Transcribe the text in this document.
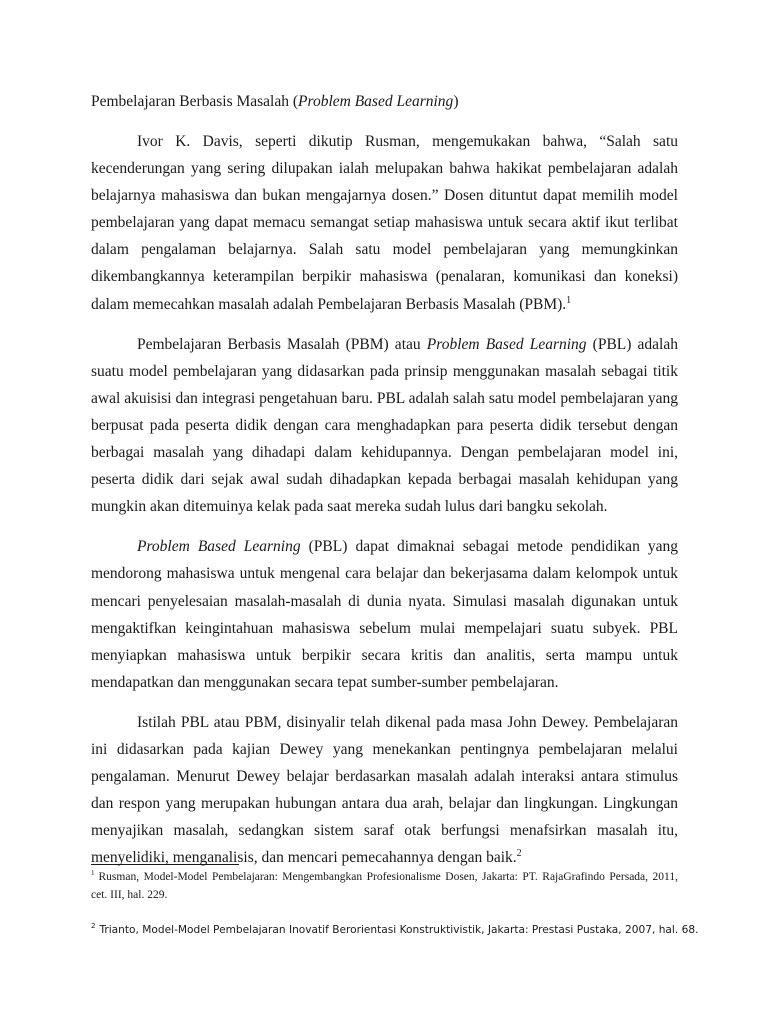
Pembelajaran Berbasis Masalah (Problem Based Learning)

Ivor K. Davis, seperti dikutip Rusman, mengemukakan bahwa, “Salah satu kecenderungan yang sering dilupakan ialah melupakan bahwa hakikat pembelajaran adalah belajarnya mahasiswa dan bukan mengajarnya dosen.” Dosen dituntut dapat memilih model pembelajaran yang dapat memacu semangat setiap mahasiswa untuk secara aktif ikut terlibat dalam pengalaman belajarnya. Salah satu model pembelajaran yang memungkinkan dikembangkannya keterampilan berpikir mahasiswa (penalaran, komunikasi dan koneksi) dalam memecahkan masalah adalah Pembelajaran Berbasis Masalah (PBM).$^1$

Pembelajaran Berbasis Masalah (PBM) atau Problem Based Learning (PBL) adalah suatu model pembelajaran yang didasarkan pada prinsip menggunakan masalah sebagai titik awal akuisisi dan integrasi pengetahuan baru. PBL adalah salah satu model pembelajaran yang berpusat pada peserta didik dengan cara menghadapkan para peserta didik tersebut dengan berbagai masalah yang dihadapi dalam kehidupannya. Dengan pembelajaran model ini, peserta didik dari sejak awal sudah dihadapkan kepada berbagai masalah kehidupan yang mungkin akan ditemuinya kelak pada saat mereka sudah lulus dari bangku sekolah.

Problem Based Learning (PBL) dapat dimaknai sebagai metode pendidikan yang mendorong mahasiswa untuk mengenal cara belajar dan bekerjasama dalam kelompok untuk mencari penyelesaian masalah-masalah di dunia nyata. Simulasi masalah digunakan untuk mengaktifkan keingintahuan mahasiswa sebelum mulai mempelajari suatu subyek. PBL menyiapkan mahasiswa untuk berpikir secara kritis dan analitis, serta mampu untuk mendapatkan dan menggunakan secara tepat sumber-sumber pembelajaran.

Istilah PBL atau PBM, disinyalir telah dikenal pada masa John Dewey. Pembelajaran ini didasarkan pada kajian Dewey yang menekankan pentingnya pembelajaran melalui pengalaman. Menurut Dewey belajar berdasarkan masalah adalah interaksi antara stimulus dan respon yang merupakan hubungan antara dua arah, belajar dan lingkungan. Lingkungan menyajikan masalah, sedangkan sistem saraf otak berfungsi menafsirkan masalah itu, menyelidiki, menganalisis, dan mencari pemecahannya dengan baik.$^2$

$^1$ Rusman, Model-Model Pembelajaran: Mengembangkan Profesionalisme Dosen, Jakarta: PT. RajaGrafindo Persada, 2011, cet. III, hal. 229.

$^2$ Trianto, Model-Model Pembelajaran Inovatif Berorientasi Konstruktivistik, Jakarta: Prestasi Pustaka, 2007, hal. 68.
